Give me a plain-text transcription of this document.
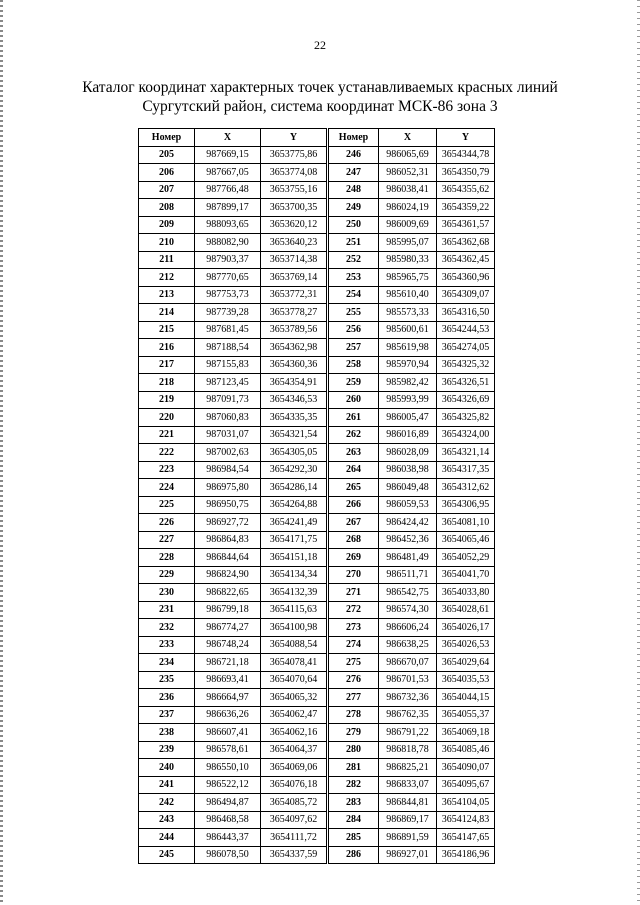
22
Каталог координат характерных точек устанавливаемых красных линий
Сургутский район, система координат МСК-86 зона 3
Номер	X	Y
205	987669,15	3653775,86
206	987667,05	3653774,08
207	987766,48	3653755,16
208	987899,17	3653700,35
209	988093,65	3653620,12
210	988082,90	3653640,23
211	987903,37	3653714,38
212	987770,65	3653769,14
213	987753,73	3653772,31
214	987739,28	3653778,27
215	987681,45	3653789,56
216	987188,54	3654362,98
217	987155,83	3654360,36
218	987123,45	3654354,91
219	987091,73	3654346,53
220	987060,83	3654335,35
221	987031,07	3654321,54
222	987002,63	3654305,05
223	986984,54	3654292,30
224	986975,80	3654286,14
225	986950,75	3654264,88
226	986927,72	3654241,49
227	986864,83	3654171,75
228	986844,64	3654151,18
229	986824,90	3654134,34
230	986822,65	3654132,39
231	986799,18	3654115,63
232	986774,27	3654100,98
233	986748,24	3654088,54
234	986721,18	3654078,41
235	986693,41	3654070,64
236	986664,97	3654065,32
237	986636,26	3654062,47
238	986607,41	3654062,16
239	986578,61	3654064,37
240	986550,10	3654069,06
241	986522,12	3654076,18
242	986494,87	3654085,72
243	986468,58	3654097,62
244	986443,37	3654111,72
245	986078,50	3654337,59
Номер	X	Y
246	986065,69	3654344,78
247	986052,31	3654350,79
248	986038,41	3654355,62
249	986024,19	3654359,22
250	986009,69	3654361,57
251	985995,07	3654362,68
252	985980,33	3654362,45
253	985965,75	3654360,96
254	985610,40	3654309,07
255	985573,33	3654316,50
256	985600,61	3654244,53
257	985619,98	3654274,05
258	985970,94	3654325,32
259	985982,42	3654326,51
260	985993,99	3654326,69
261	986005,47	3654325,82
262	986016,89	3654324,00
263	986028,09	3654321,14
264	986038,98	3654317,35
265	986049,48	3654312,62
266	986059,53	3654306,95
267	986424,42	3654081,10
268	986452,36	3654065,46
269	986481,49	3654052,29
270	986511,71	3654041,70
271	986542,75	3654033,80
272	986574,30	3654028,61
273	986606,24	3654026,17
274	986638,25	3654026,53
275	986670,07	3654029,64
276	986701,53	3654035,53
277	986732,36	3654044,15
278	986762,35	3654055,37
279	986791,22	3654069,18
280	986818,78	3654085,46
281	986825,21	3654090,07
282	986833,07	3654095,67
283	986844,81	3654104,05
284	986869,17	3654124,83
285	986891,59	3654147,65
286	986927,01	3654186,96
